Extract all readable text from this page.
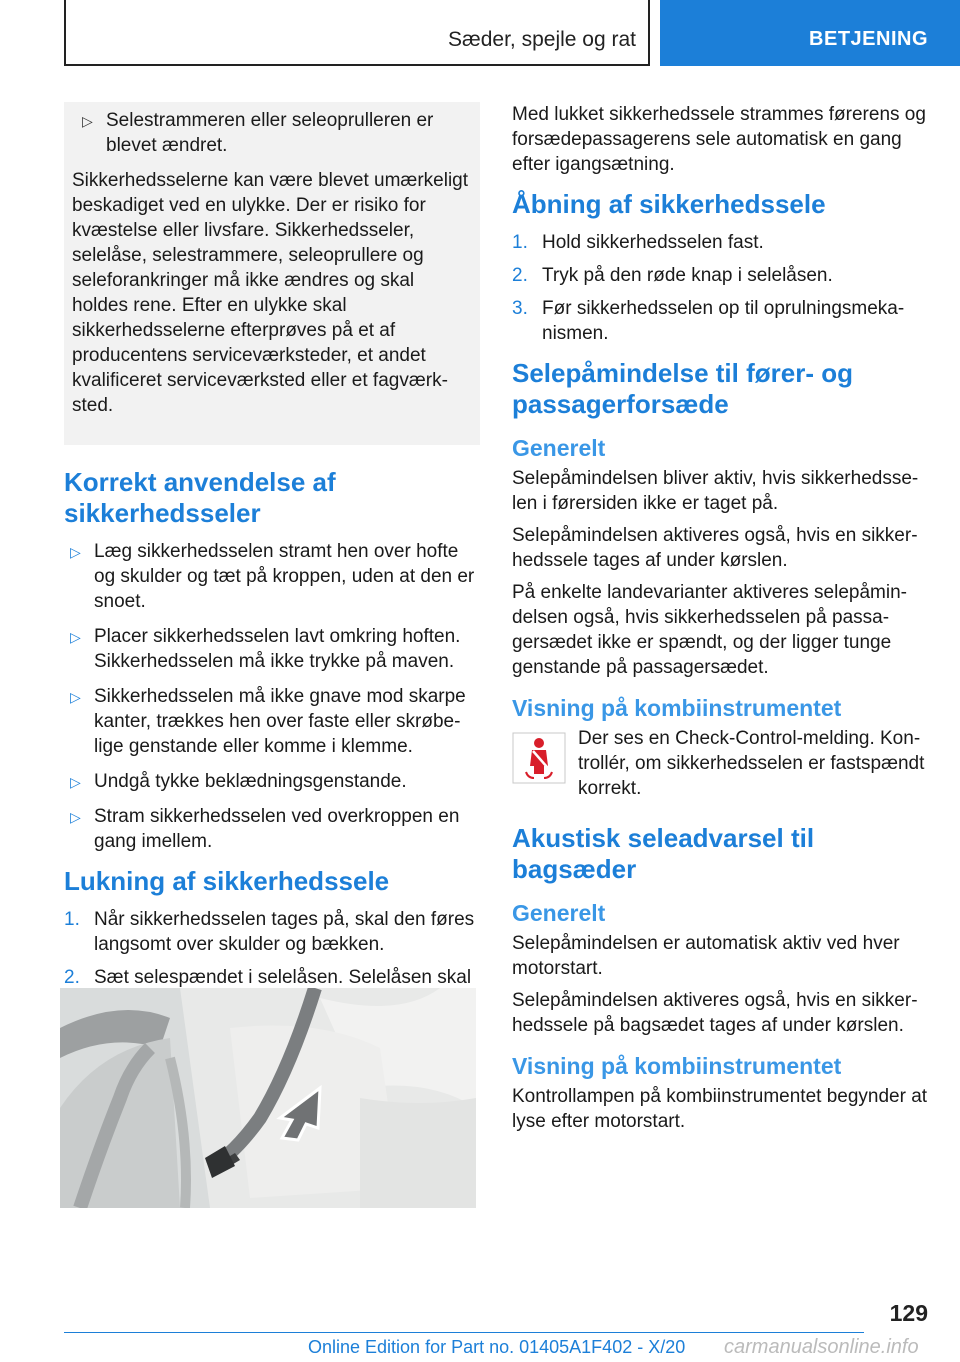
Sæder, spejle og rat	BETJENING
▷ Selestrammeren eller seleoprulleren er blevet ændret.

Sikkerhedsselerne kan være blevet umærkeligt beskadiget ved en ulykke. Der er risiko for kvæstelse eller livsfare. Sikkerhedsseler, selelåse, selestrammere, seleoprullere og seleforankringer må ikke ændres og skal holdes rene. Efter en ulykke skal sikkerhedsselerne efterprøves på et af producentens serviceværksteder, et andet kvalificeret serviceværksted eller et fagværksted.

Korrekt anvendelse af sikkerhedsseler
▷ Læg sikkerhedsselen stramt hen over hofte og skulder og tæt på kroppen, uden at den er snoet.
▷ Placer sikkerhedsselen lavt omkring hoften. Sikkerhedsselen må ikke trykke på maven.
▷ Sikkerhedsselen må ikke gnave mod skarpe kanter, trækkes hen over faste eller skrøbelige genstande eller komme i klemme.
▷ Undgå tykke beklædningsgenstande.
▷ Stram sikkerhedsselen ved overkroppen en gang imellem.
Lukning af sikkerhedssele
1. Når sikkerhedsselen tages på, skal den føres langsomt over skulder og bækken.
2. Sæt selespændet i selelåsen. Selelåsen skal

Med lukket sikkerhedssele strammes førerens og forsædepassagerens sele automatisk en gang efter igangsætning.

Åbning af sikkerhedssele
1. Hold sikkerhedsselen fast.
2. Tryk på den røde knap i selelåsen.
3. Før sikkerhedsselen op til oprulningsmekanismen.
Selepåmindelse til fører- og passagerforsæde
Generelt

Selepåmindelsen bliver aktiv, hvis sikkerhedsselen i førersiden ikke er taget på.

Selepåmindelsen aktiveres også, hvis en sikkerhedssele tages af under kørslen.

På enkelte landevarianter aktiveres selepåmindelsen også, hvis sikkerhedsselen på passagersædet ikke er spændt, og der ligger tunge genstande på passagersædet.

Visning på kombiinstrumentet

Der ses en Check-Control-melding. Kontrollér, om sikkerhedsselen er fastspændt korrekt.

Akustisk seleadvarsel til bagsæder
Generelt

Selepåmindelsen er automatisk aktiv ved hver motorstart.

Selepåmindelsen aktiveres også, hvis en sikkerhedssele på bagsædet tages af under kørslen.

Visning på kombiinstrumentet

Kontrollampen på kombiinstrumentet begynder at lyse efter motorstart.

129
Online Edition for Part no. 01405A1F402 - X/20 carmanualsonline.info
